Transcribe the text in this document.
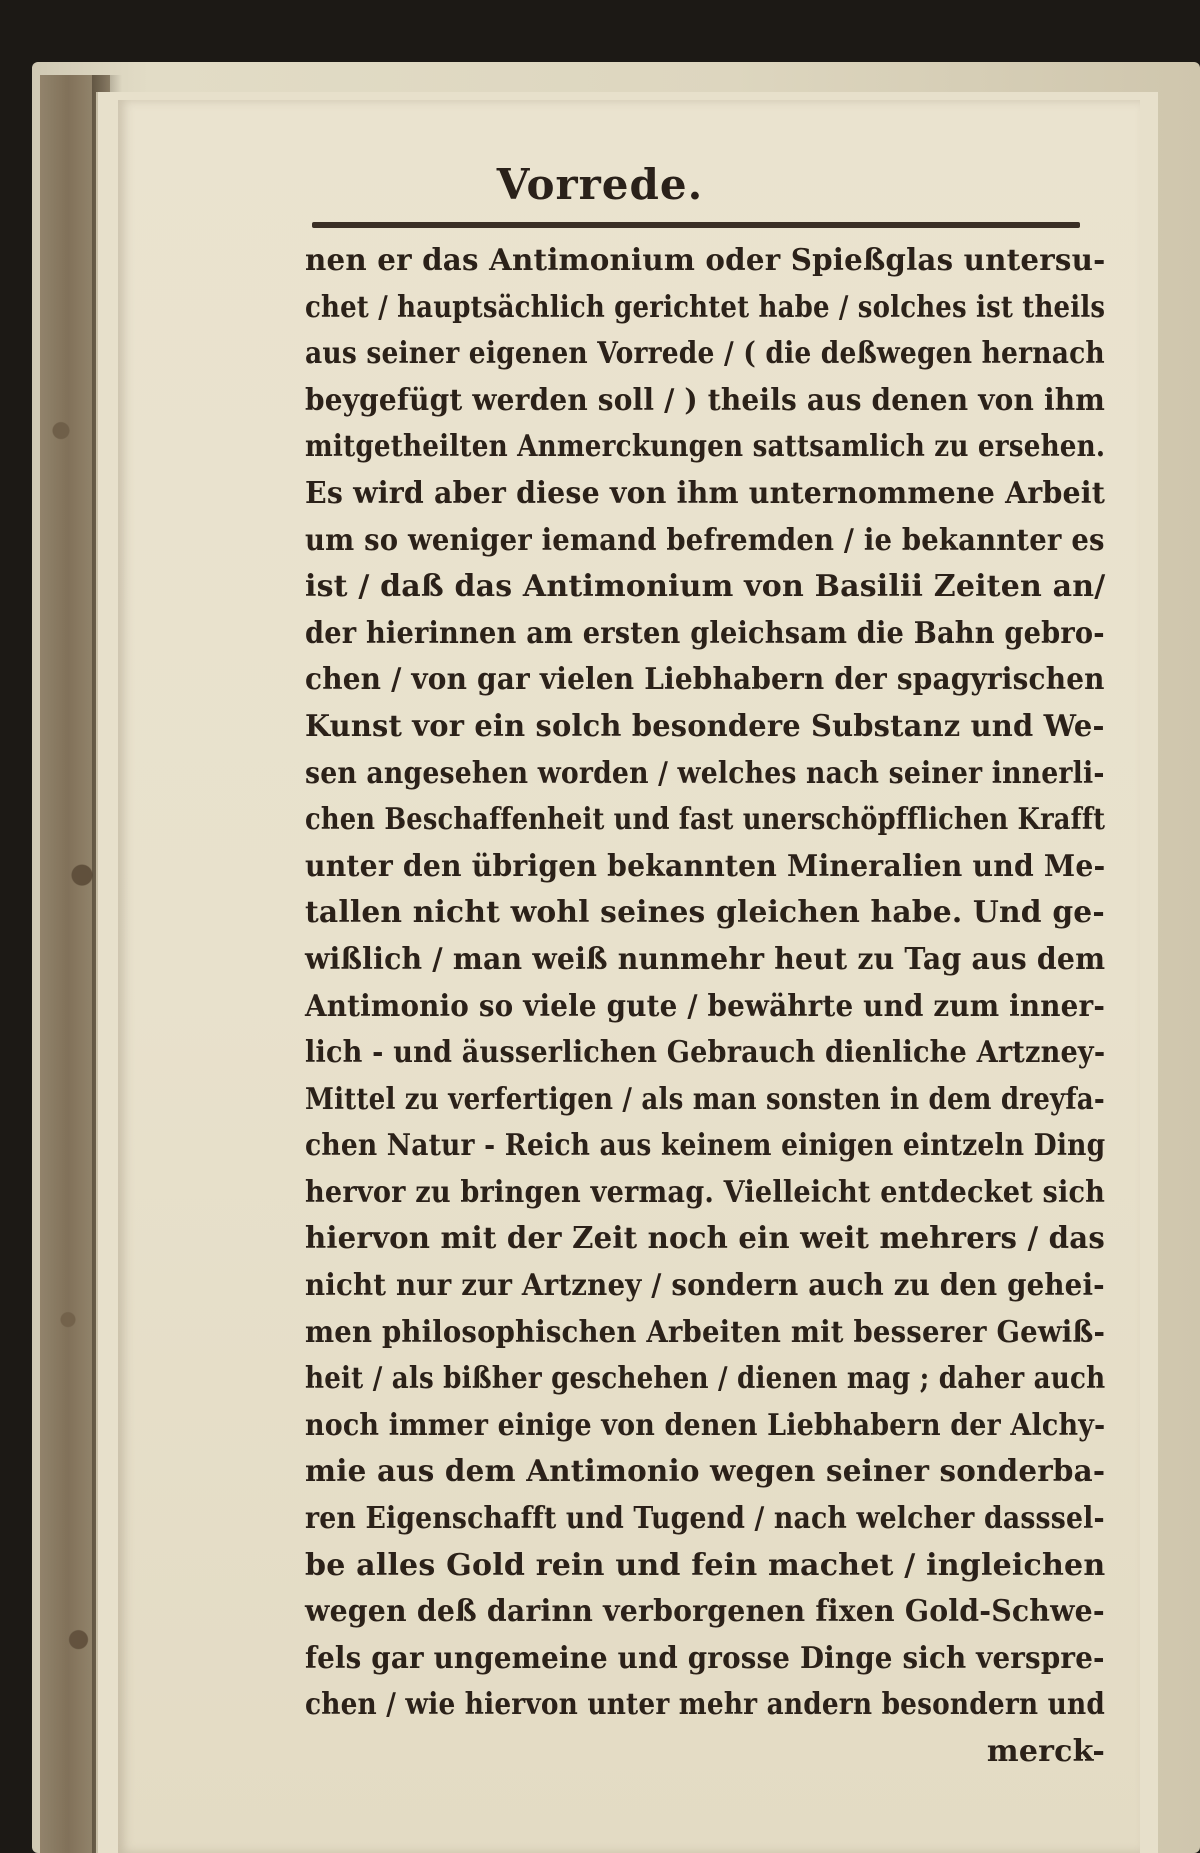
Vorrede.
nen er das Antimonium oder Spießglas untersu-
chet / hauptsächlich gerichtet habe / solches ist theils
aus seiner eigenen Vorrede / ( die deßwegen hernach
beygefügt werden soll / ) theils aus denen von ihm
mitgetheilten Anmerckungen sattsamlich zu ersehen.
Es wird aber diese von ihm unternommene Arbeit
um so weniger iemand befremden / ie bekannter es
ist / daß das Antimonium von Basilii Zeiten an/
der hierinnen am ersten gleichsam die Bahn gebro-
chen / von gar vielen Liebhabern der spagyrischen
Kunst vor ein solch besondere Substanz und We-
sen angesehen worden / welches nach seiner innerli-
chen Beschaffenheit und fast unerschöpfflichen Krafft
unter den übrigen bekannten Mineralien und Me-
tallen nicht wohl seines gleichen habe. Und ge-
wißlich / man weiß nunmehr heut zu Tag aus dem
Antimonio so viele gute / bewährte und zum inner-
lich - und äusserlichen Gebrauch dienliche Artzney-
Mittel zu verfertigen / als man sonsten in dem dreyfa-
chen Natur - Reich aus keinem einigen eintzeln Ding
hervor zu bringen vermag. Vielleicht entdecket sich
hiervon mit der Zeit noch ein weit mehrers / das
nicht nur zur Artzney / sondern auch zu den gehei-
men philosophischen Arbeiten mit besserer Gewiß-
heit / als bißher geschehen / dienen mag ; daher auch
noch immer einige von denen Liebhabern der Alchy-
mie aus dem Antimonio wegen seiner sonderba-
ren Eigenschafft und Tugend / nach welcher dasssel-
be alles Gold rein und fein machet / ingleichen
wegen deß darinn verborgenen fixen Gold-Schwe-
fels gar ungemeine und grosse Dinge sich verspre-
chen / wie hiervon unter mehr andern besondern und
merck-
